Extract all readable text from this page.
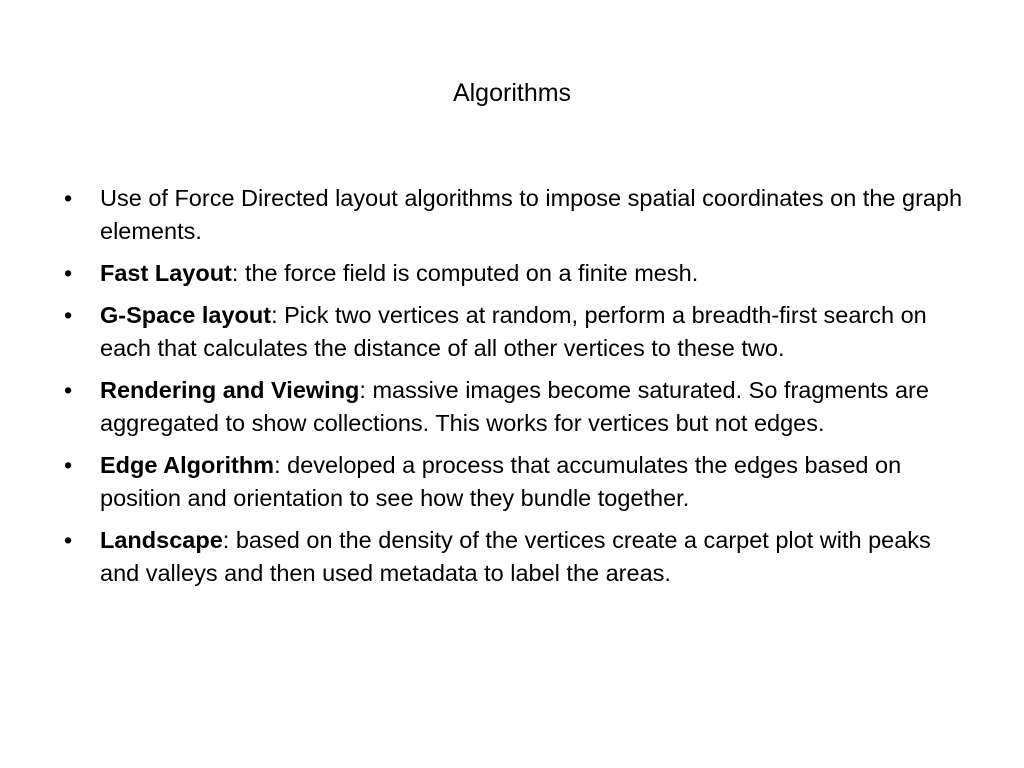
Algorithms
• Use of Force Directed layout algorithms to impose spatial coordinates on the graph elements.
• Fast Layout: the force field is computed on a finite mesh.
• G-Space layout: Pick two vertices at random, perform a breadth-first search on each that calculates the distance of all other vertices to these two.
• Rendering and Viewing: massive images become saturated. So fragments are aggregated to show collections. This works for vertices but not edges.
• Edge Algorithm: developed a process that accumulates the edges based on position and orientation to see how they bundle together.
• Landscape: based on the density of the vertices create a carpet plot with peaks and valleys and then used metadata to label the areas.
